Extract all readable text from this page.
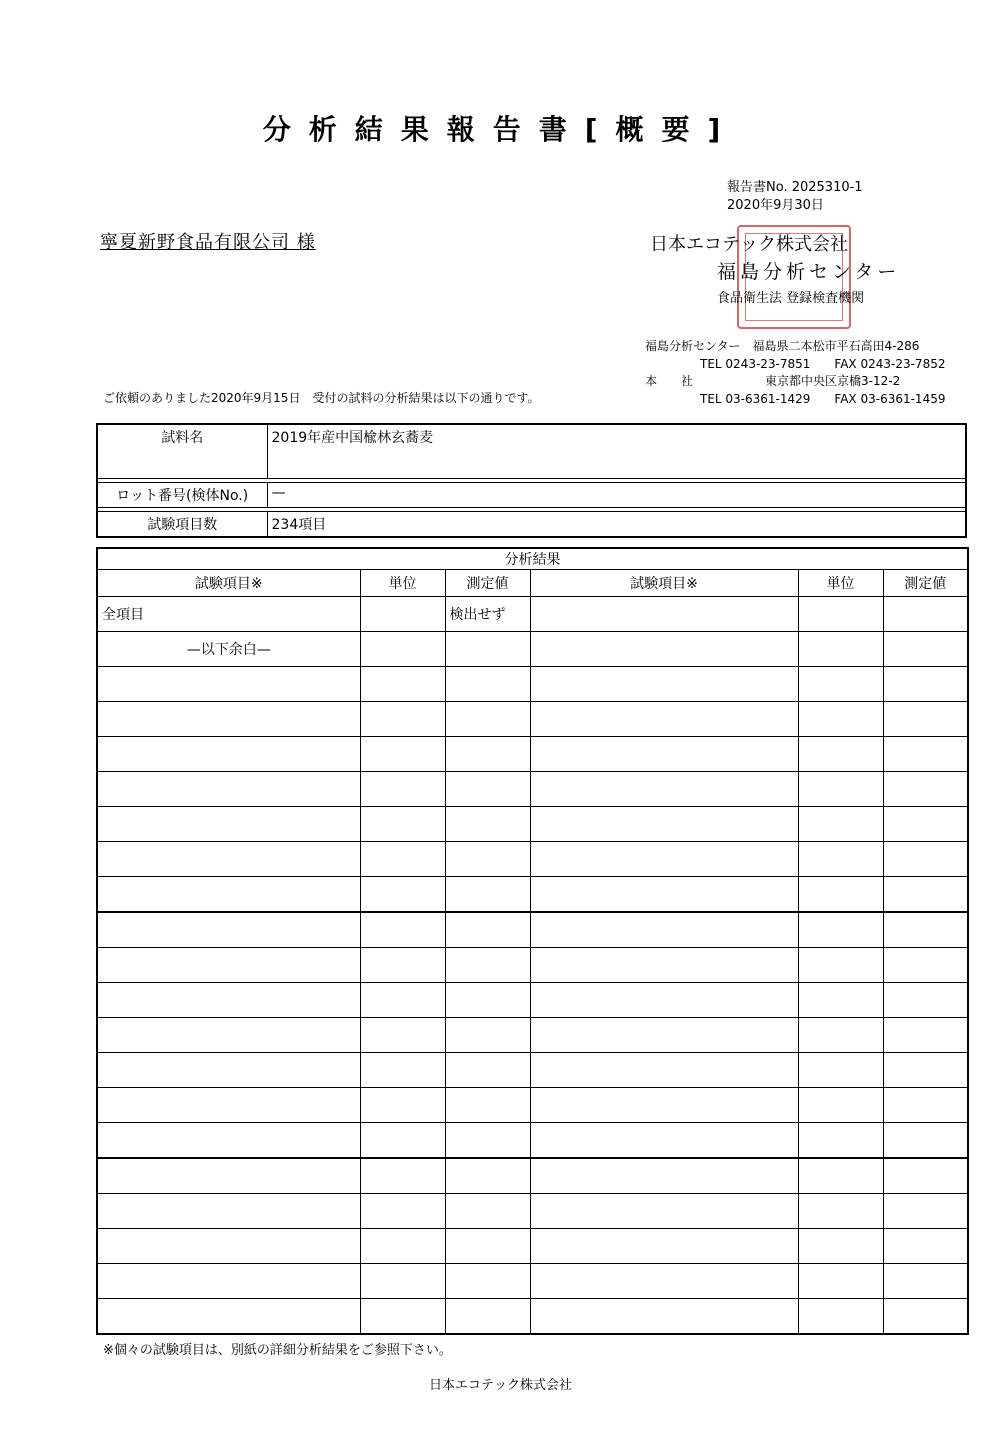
分析結果報告書[概要]
報告書No. 2025310-1
2020年9月30日
寧夏新野食品有限公司 様	日本エコテック株式会社
福島分析センター
食品衛生法 登録検査機関
福島分析センター　福島県二本松市平石高田4-286
TEL 0243-23-7851　　FAX 0243-23-7852
本　　社　　　　　　東京都中央区京橋3-12-2
TEL 03-6361-1429　　FAX 03-6361-1459
ご依頼のありました2020年9月15日　受付の試料の分析結果は以下の通りです。
試料名	2019年産中国楡林玄蕎麦

ロット番号(検体No.)	—

試験項目数	234項目
分析結果					
試験項目※	単位	測定値	試験項目※	単位	測定値
全項目		検出せず			
—以下余白—					

※個々の試験項目は、別紙の詳細分析結果をご参照下さい。
日本エコテック株式会社
